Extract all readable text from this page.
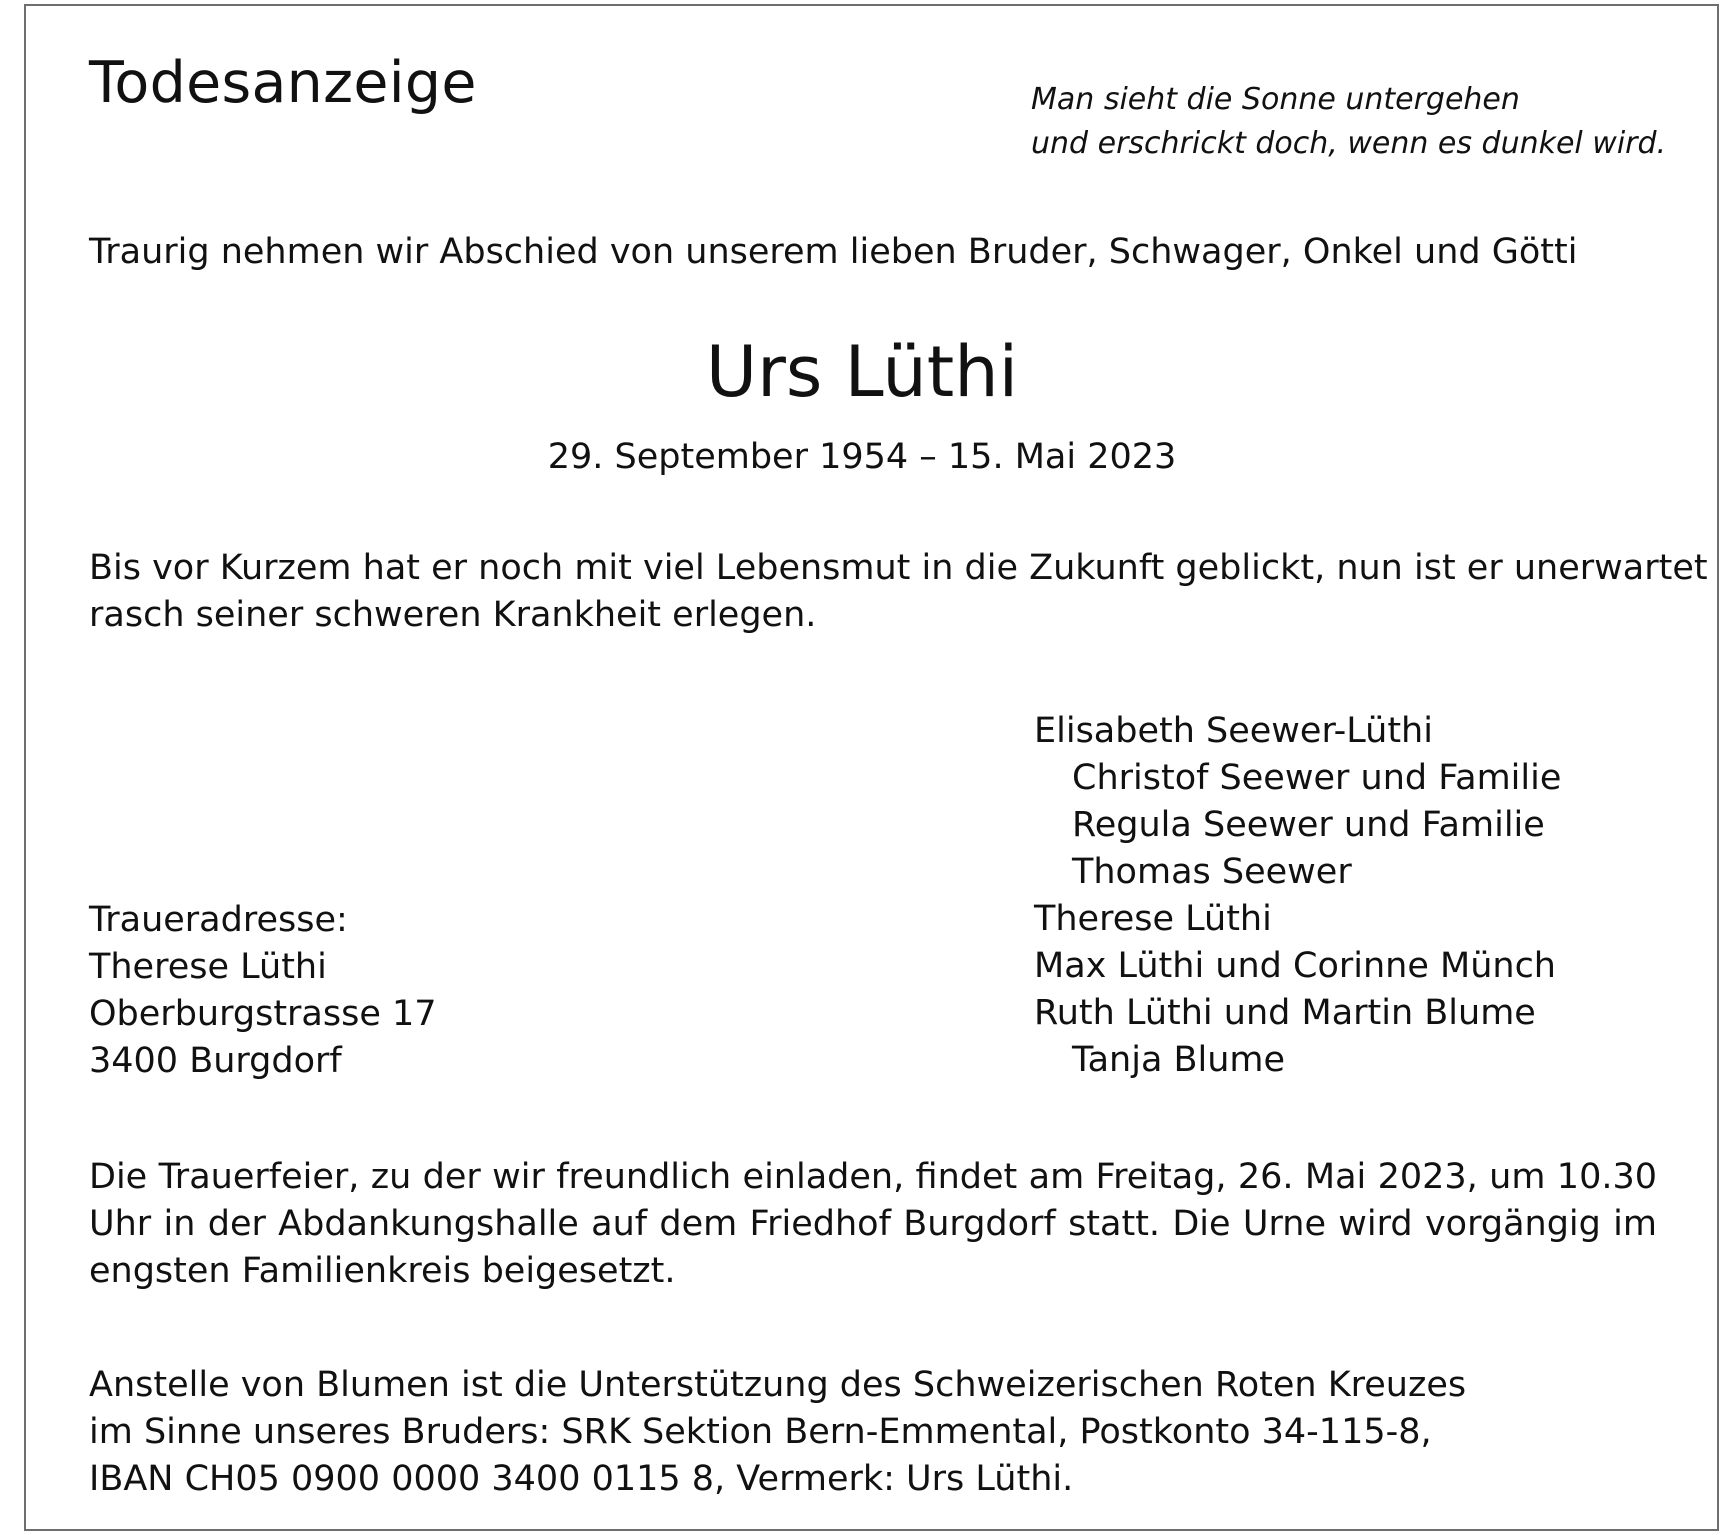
Todesanzeige	Man sieht die Sonne untergehen
und erschrickt doch, wenn es dunkel wird.
Traurig nehmen wir Abschied von unserem lieben Bruder, Schwager, Onkel und Götti
Urs Lüthi
29. September 1954 – 15. Mai 2023
Bis vor Kurzem hat er noch mit viel Lebensmut in die Zukunft geblickt, nun ist er unerwartet
rasch seiner schweren Krankheit erlegen.
Elisabeth Seewer-Lüthi
Christof Seewer und Familie
Regula Seewer und Familie
Thomas Seewer
Therese Lüthi
Max Lüthi und Corinne Münch
Ruth Lüthi und Martin Blume
Tanja Blume
Traueradresse:
Therese Lüthi
Oberburgstrasse 17
3400 Burgdorf
Die Trauerfeier, zu der wir freundlich einladen, findet am Freitag, 26. Mai 2023, um 10.30
Uhr in der Abdankungshalle auf dem Friedhof Burgdorf statt. Die Urne wird vorgängig im
engsten Familienkreis beigesetzt.
Anstelle von Blumen ist die Unterstützung des Schweizerischen Roten Kreuzes
im Sinne unseres Bruders: SRK Sektion Bern-Emmental, Postkonto 34-115-8,
IBAN CH05 0900 0000 3400 0115 8, Vermerk: Urs Lüthi.
